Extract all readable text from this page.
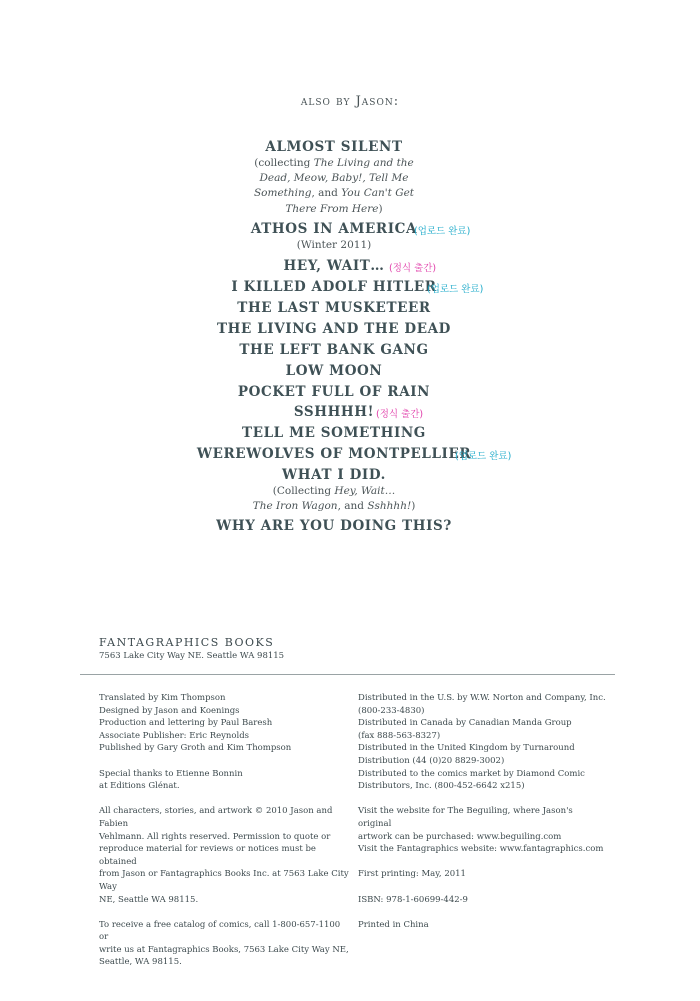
also by Jason:
ALMOST SILENT
(collecting The Living and the
Dead, Meow, Baby!, Tell Me
Something, and You Can't Get
There From Here)
ATHOS IN AMERICA
(업로드 완료)
(Winter 2011)
HEY, WAIT… (정식 출간)
I KILLED ADOLF HITLER
(업로드 완료)
THE LAST MUSKETEER
THE LIVING AND THE DEAD
THE LEFT BANK GANG
LOW MOON
POCKET FULL OF RAIN
SSHHHH! (정식 출간)
TELL ME SOMETHING
WEREWOLVES OF MONTPELLIER
(업로드 완료)
WHAT I DID.
(Collecting Hey, Wait…
The Iron Wagon, and Sshhhh!)
WHY ARE YOU DOING THIS?
FANTAGRAPHICS BOOKS
7563 Lake City Way NE. Seattle WA 98115

Translated by Kim Thompson
Designed by Jason and Koenings
Production and lettering by Paul Baresh
Associate Publisher: Eric Reynolds
Published by Gary Groth and Kim Thompson

Special thanks to Etienne Bonnin
at Editions Glénat.

All characters, stories, and artwork © 2010 Jason and Fabien
Vehlmann. All rights reserved. Permission to quote or
reproduce material for reviews or notices must be obtained
from Jason or Fantagraphics Books Inc. at 7563 Lake City Way
NE, Seattle WA 98115.

To receive a free catalog of comics, call 1-800-657-1100 or
write us at Fantagraphics Books, 7563 Lake City Way NE,
Seattle, WA 98115.

Distributed in the U.S. by W.W. Norton and Company, Inc.
(800-233-4830)
Distributed in Canada by Canadian Manda Group
(fax 888-563-8327)
Distributed in the United Kingdom by Turnaround
Distribution (44 (0)20 8829-3002)
Distributed to the comics market by Diamond Comic
Distributors, Inc. (800-452-6642 x215)

Visit the website for The Beguiling, where Jason's original
artwork can be purchased: www.beguiling.com
Visit the Fantagraphics website: www.fantagraphics.com

First printing: May, 2011

ISBN: 978-1-60699-442-9

Printed in China
